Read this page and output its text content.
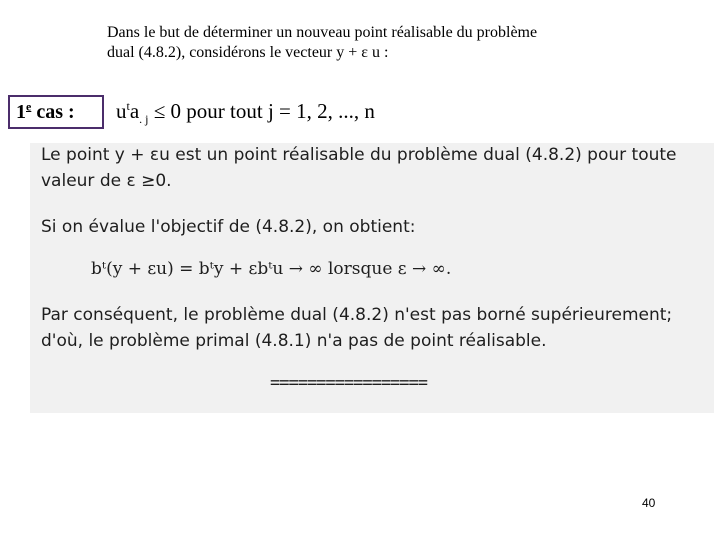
Dans le but de déterminer un nouveau point réalisable du problème
dual (4.8.2), considérons le vecteur y + ε u :
1e cas :	$u^ta_{. j} \le 0$ pour tout j = 1, 2, ..., n

Le point y + εu est un point réalisable du problème dual (4.8.2) pour toute

valeur de ε ≥0.

Si on évalue l'objectif de (4.8.2), on obtient:

bᵗ(y + εu) = bᵗy + εbᵗu → ∞ lorsque ε → ∞.

Par conséquent, le problème dual (4.8.2) n'est pas borné supérieurement;

d'où, le problème primal (4.8.1) n'a pas de point réalisable.

=================

40
